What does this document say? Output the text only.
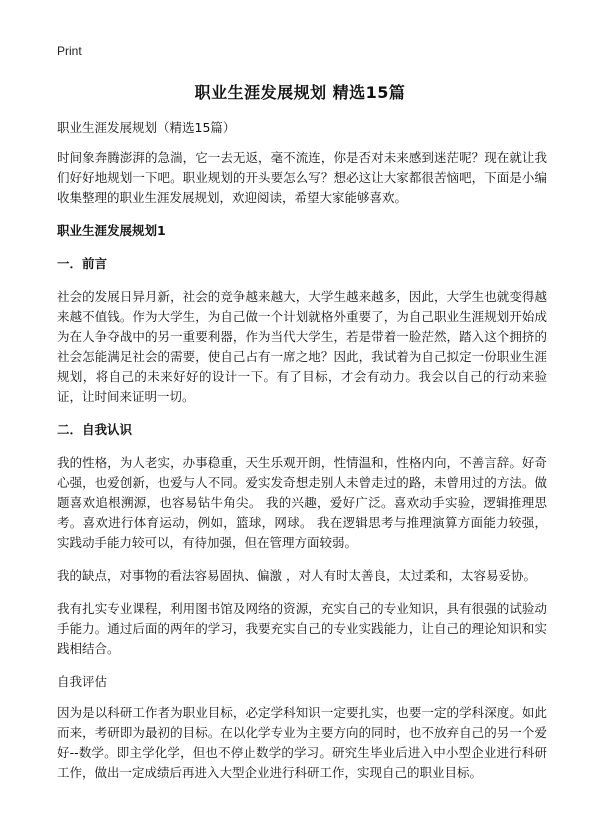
Print
职业生涯发展规划 精选15篇

职业生涯发展规划（精选15篇）

时间象奔腾澎湃的急湍，它一去无返，毫不流连，你是否对未来感到迷茫呢？现在就让我们好好地规划一下吧。职业规划的开头要怎么写？想必这让大家都很苦恼吧，下面是小编收集整理的职业生涯发展规划，欢迎阅读，希望大家能够喜欢。

职业生涯发展规划1
一．前言

社会的发展日异月新，社会的竞争越来越大，大学生越来越多，因此，大学生也就变得越来越不值钱。作为大学生，为自己做一个计划就格外重要了，为自己职业生涯规划开始成为在人争夺战中的另一重要利器，作为当代大学生，若是带着一脸茫然，踏入这个拥挤的社会怎能满足社会的需要，使自己占有一席之地？因此，我试着为自己拟定一份职业生涯规划，将自己的未来好好的设计一下。有了目标，才会有动力。我会以自己的行动来验证，让时间来证明一切。

二．自我认识

我的性格，为人老实，办事稳重，天生乐观开朗，性情温和，性格内向，不善言辞。好奇心强，也爱创新，也爱与人不同。爱实发奇想走别人未曾走过的路，未曾用过的方法。做题喜欢追根溯源，也容易钻牛角尖。 我的兴趣，爱好广泛。喜欢动手实验，逻辑推理思考。喜欢进行体育运动，例如，篮球，网球。 我在逻辑思考与推理演算方面能力较强，实践动手能力较可以，有待加强，但在管理方面较弱。

我的缺点，对事物的看法容易固执、偏激 ，对人有时太善良，太过柔和，太容易妥协。

我有扎实专业课程，利用图书馆及网络的资源，充实自己的专业知识，具有很强的试验动手能力。通过后面的两年的学习，我要充实自己的专业实践能力，让自己的理论知识和实践相结合。

自我评估

因为是以科研工作者为职业目标，必定学科知识一定要扎实，也要一定的学科深度。如此而来，考研即为最初的目标。在以化学专业为主要方向的同时，也不放弃自己的另一个爱好--数学。即主学化学，但也不停止数学的学习。研究生毕业后进入中小型企业进行科研工作，做出一定成绩后再进入大型企业进行科研工作，实现自己的职业目标。
